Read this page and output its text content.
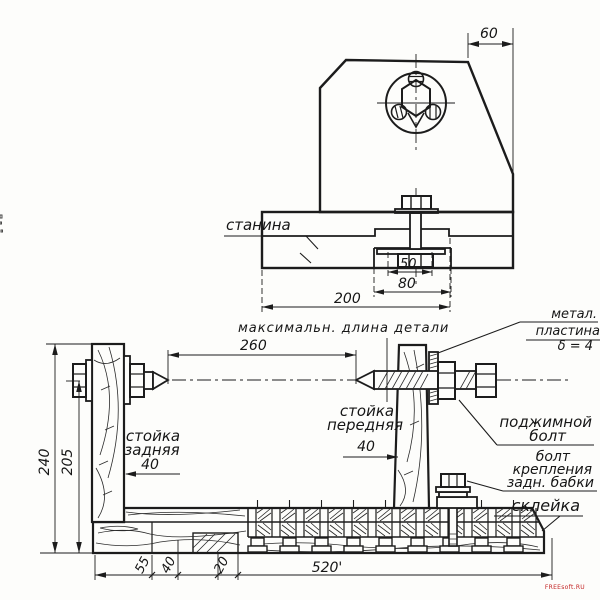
60
50
80
200
станина
260
максимальн. длина детали
240 205
55 40 20	520'
стойка
задняя
40
стойка
передняя
40
метал.
пластина
δ = 4
поджимной
болт
болт
крепления
задн. бабки
склейка
FREEsoft.RU
